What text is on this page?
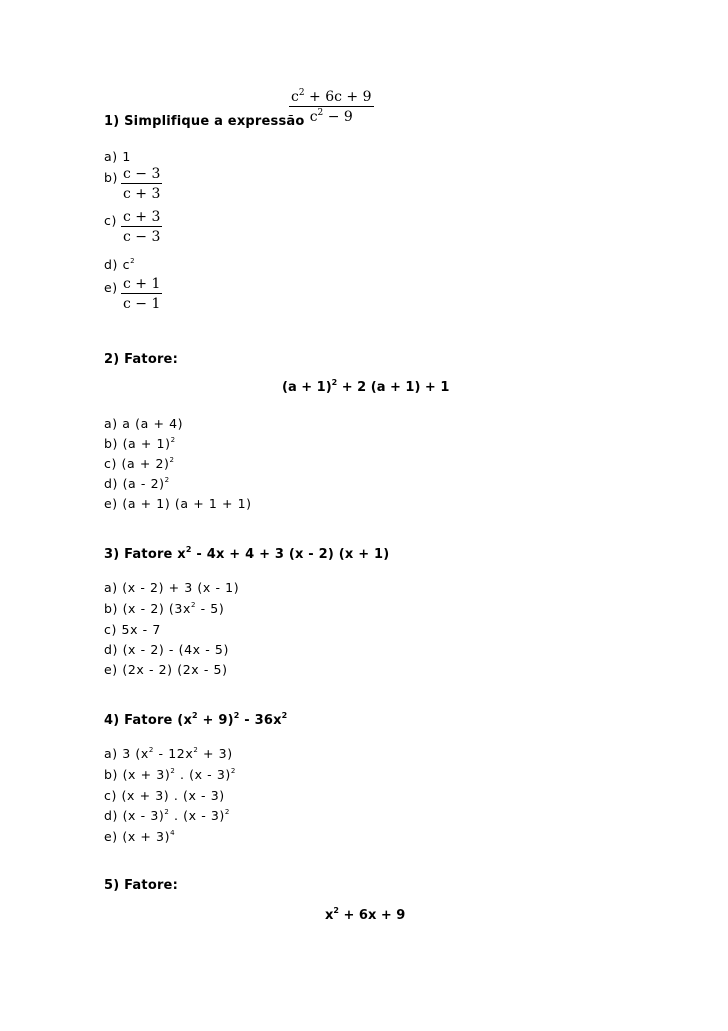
1) Simplifique a expressão
$c^2 + 6c + 9$
$c^2 - 9$
a) 1
b) c − 3
c + 3
c) c + 3
c − 3
d) $c^2$
e) c + 1
c − 1
2) Fatore:
$(a + 1)^2 + 2$ (a + 1) + 1
a) a (a + 4)
b) $(a + 1)^2$
c) $(a + 2)^2$
d) (a - 2)$^2$
e) (a + 1) (a + 1 + 1)
3) Fatore $x^2 - 4x + 4 + 3$ (x - 2) (x + 1)
a) (x - 2) + 3 (x - 1)
b) (x - 2) $(3x^2 - 5)$
c) 5x - 7
d) (x - 2) - (4x - 5)
e) (2x - 2) (2x - 5)
4) Fatore $(x^2 + 9)^2 - 36x^2$
a) 3 $(x^2 - 12x^2 + 3)$
b) $(x + 3)^2$ . (x - 3)$^2$
c) (x + 3) . (x - 3)
d) (x - 3)$^2$ . (x - 3)$^2$
e) $(x + 3)^4$
5) Fatore:
$x^2 + 6x + 9$
